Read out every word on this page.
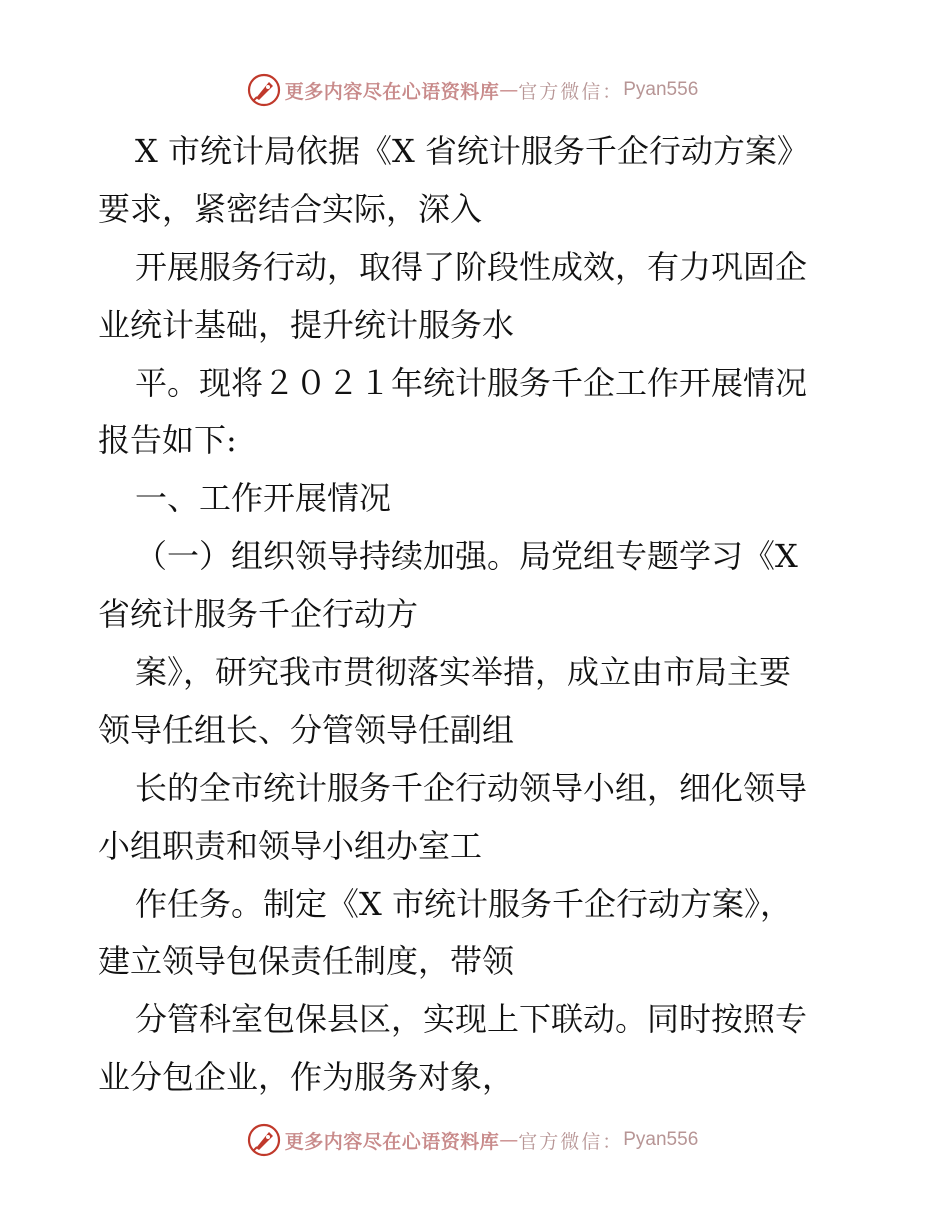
更多内容尽在心语资料库 — 官方微信： Pyan556
X 市统计局依据《X 省统计服务千企行动方案》
要求，紧密结合实际，深入
开展服务行动，取得了阶段性成效，有力巩固企
业统计基础，提升统计服务水
平。现将２０２１年统计服务千企工作开展情况
报告如下:
一、工作开展情况
（一）组织领导持续加强。局党组专题学习《X
省统计服务千企行动方
案》，研究我市贯彻落实举措，成立由市局主要
领导任组长、分管领导任副组
长的全市统计服务千企行动领导小组，细化领导
小组职责和领导小组办室工
作任务。制定《X 市统计服务千企行动方案》，
建立领导包保责任制度，带领
分管科室包保县区，实现上下联动。同时按照专
业分包企业，作为服务对象，
更多内容尽在心语资料库 — 官方微信： Pyan556
